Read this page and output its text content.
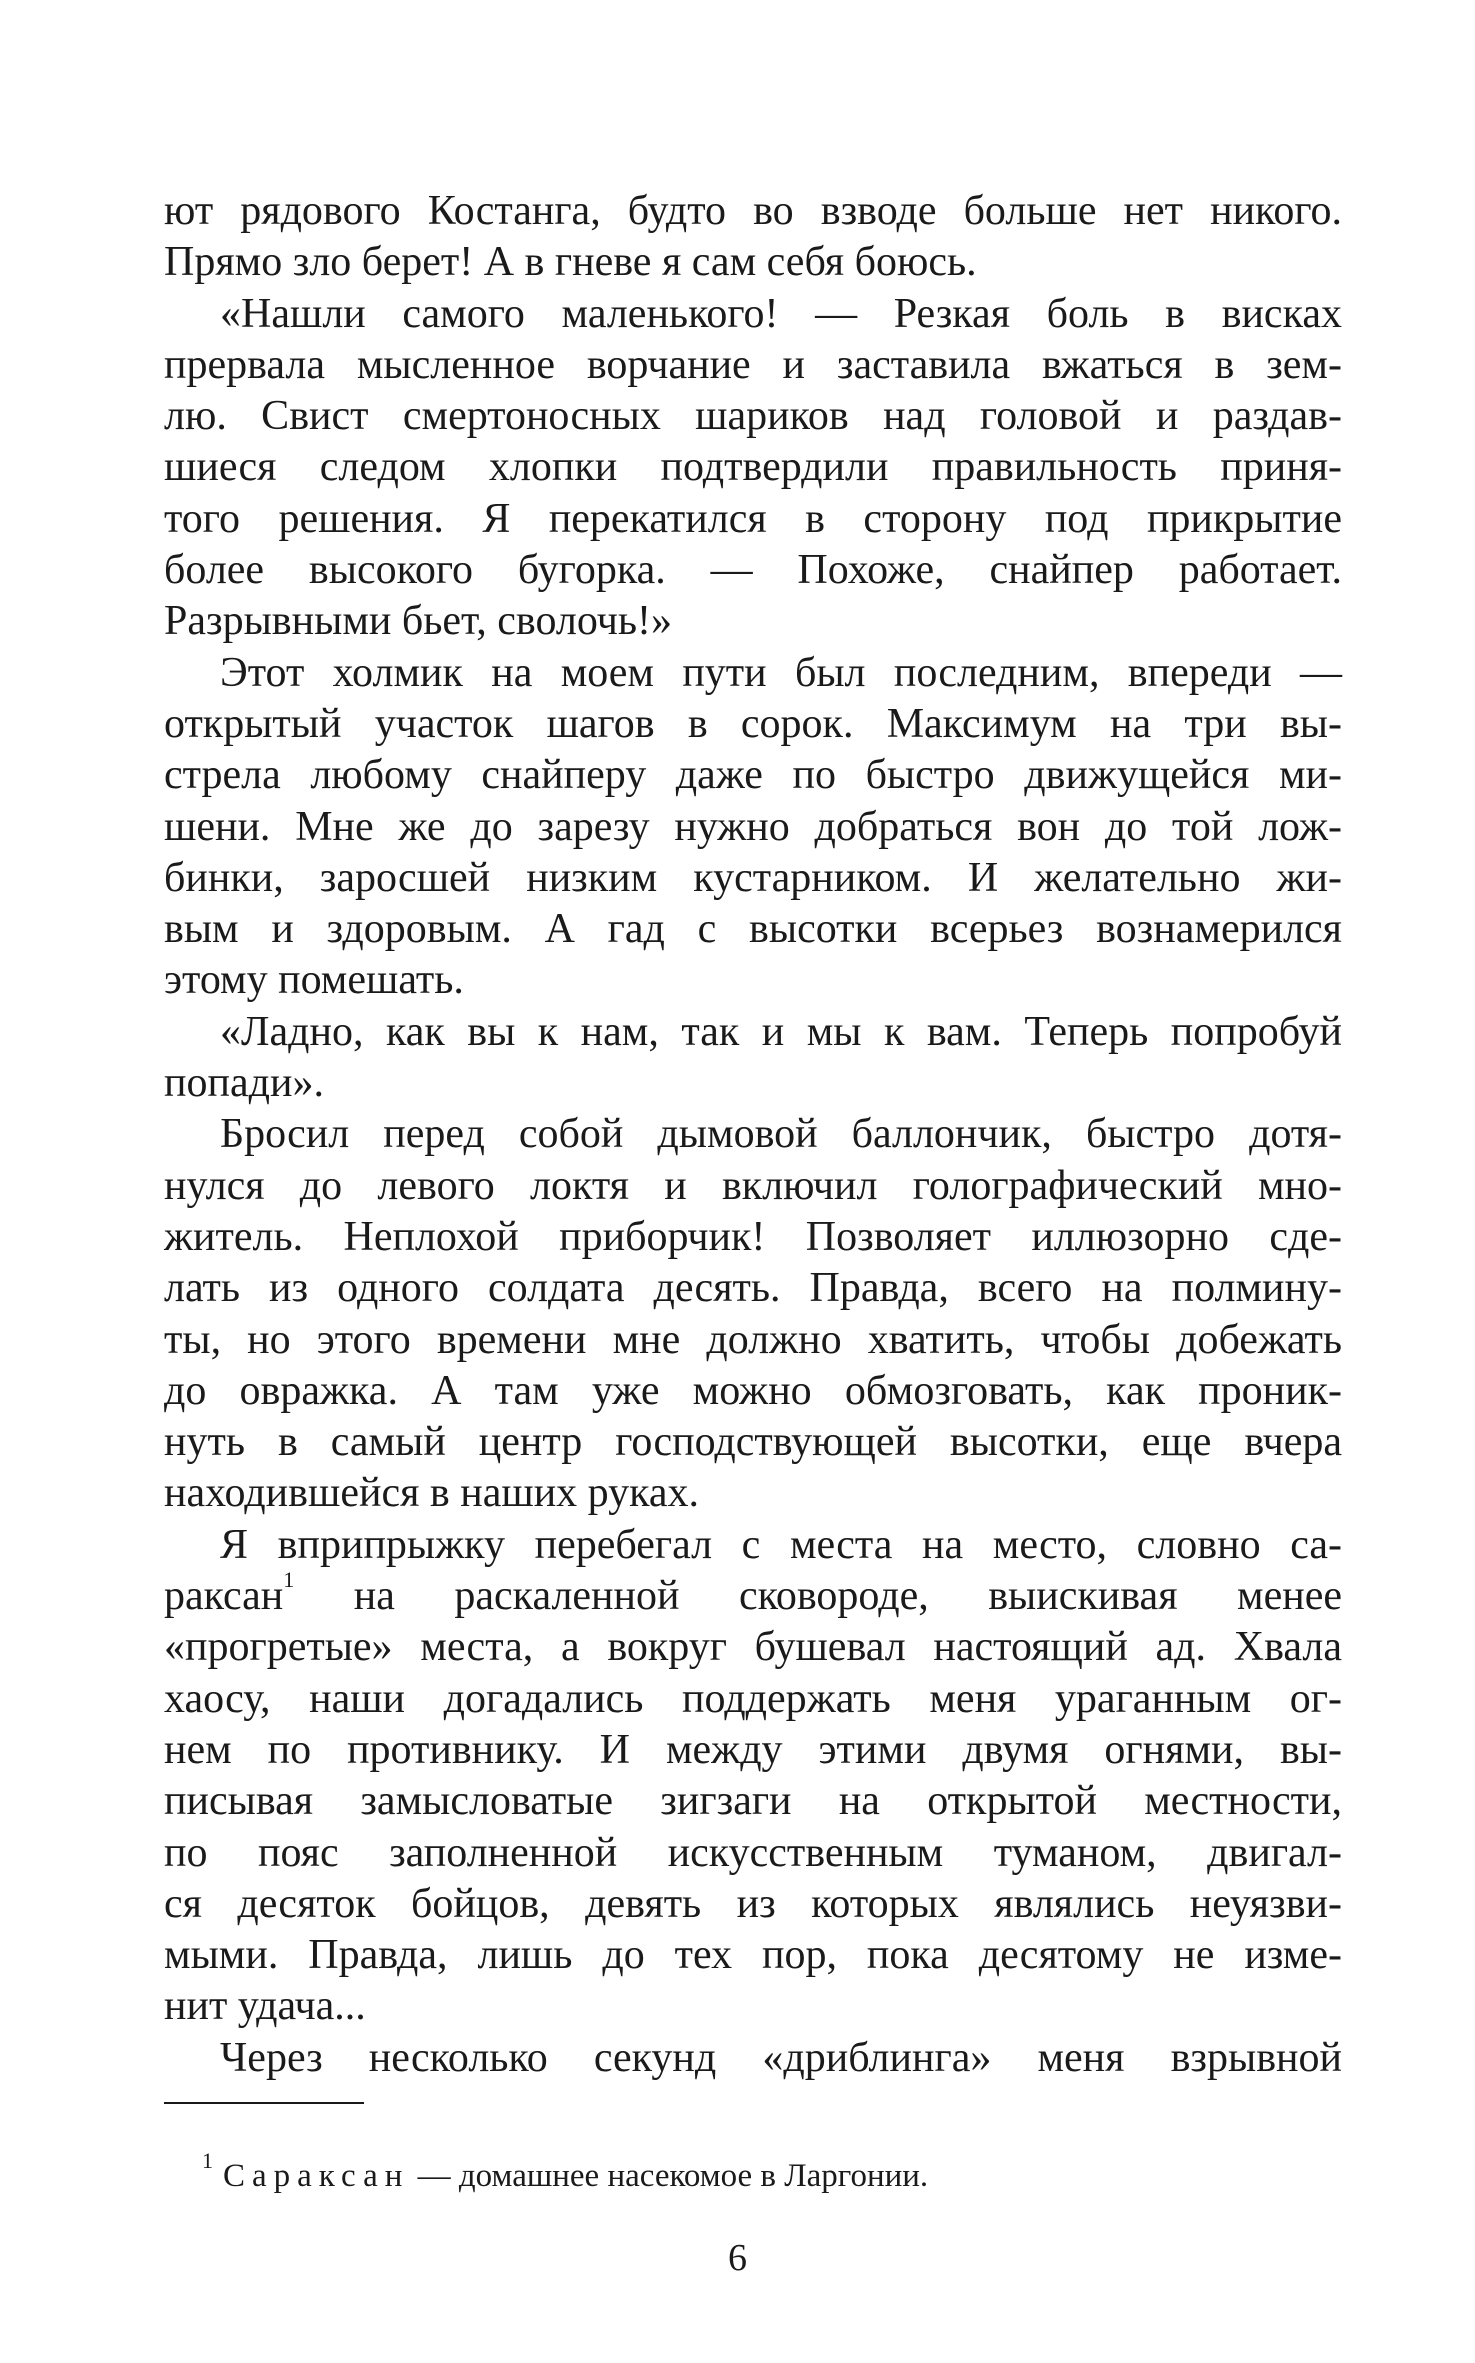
ют рядового Костанга, будто во взводе больше нет никого.
Прямо зло берет! А в гневе я сам себя боюсь.
«Нашли самого маленького! — Резкая боль в висках
прервала мысленное ворчание и заставила вжаться в зем-
лю. Свист смертоносных шариков над головой и раздав-
шиеся следом хлопки подтвердили правильность приня-
того решения. Я перекатился в сторону под прикрытие
более высокого бугорка. — Похоже, снайпер работает.
Разрывными бьет, сволочь!»
Этот холмик на моем пути был последним, впереди —
открытый участок шагов в сорок. Максимум на три вы-
стрела любому снайперу даже по быстро движущейся ми-
шени. Мне же до зарезу нужно добраться вон до той лож-
бинки, заросшей низким кустарником. И желательно жи-
вым и здоровым. А гад с высотки всерьез вознамерился
этому помешать.
«Ладно, как вы к нам, так и мы к вам. Теперь попробуй
попади».
Бросил перед собой дымовой баллончик, быстро дотя-
нулся до левого локтя и включил голографический мно-
житель. Неплохой приборчик! Позволяет иллюзорно сде-
лать из одного солдата десять. Правда, всего на полмину-
ты, но этого времени мне должно хватить, чтобы добежать
до овражка. А там уже можно обмозговать, как проник-
нуть в самый центр господствующей высотки, еще вчера
находившейся в наших руках.
Я вприпрыжку перебегал с места на место, словно са-
раксан$^1$ на раскаленной сковороде, выискивая менее
«прогретые» места, а вокруг бушевал настоящий ад. Хвала
хаосу, наши догадались поддержать меня ураганным ог-
нем по противнику. И между этими двумя огнями, вы-
писывая замысловатые зигзаги на открытой местности,
по пояс заполненной искусственным туманом, двигал-
ся десяток бойцов, девять из которых являлись неуязви-
мыми. Правда, лишь до тех пор, пока десятому не изме-
нит удача...
Через несколько секунд «дриблинга» меня взрывной
$^1$ Сараксан — домашнее насекомое в Ларгонии.
6
